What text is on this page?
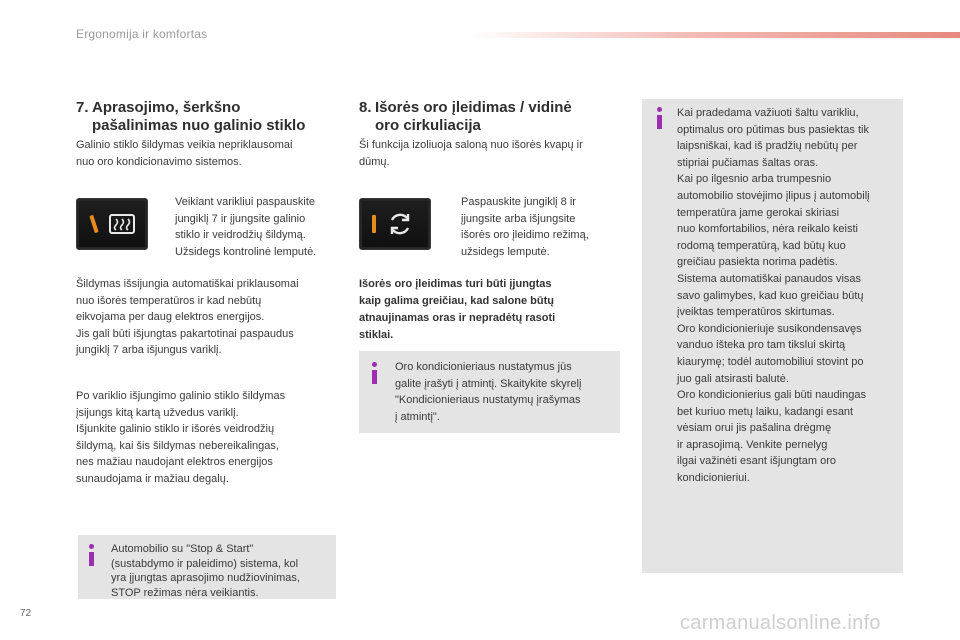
Ergonomija ir komfortas
7. Aprasojimo, šerkšno
pašalinimas nuo galinio stiklo

Galinio stiklo šildymas veikia nepriklausomai

nuo oro kondicionavimo sistemos.

Veikiant varikliui paspauskite
jungiklį 7 ir įjungsite galinio
stiklo ir veidrodžių šildymą.
Užsidegs kontrolinė lemputė.

Šildymas išsijungia automatiškai priklausomai

nuo išorės temperatūros ir kad nebūtų

eikvojama per daug elektros energijos.

Jis gali būti išjungtas pakartotinai paspaudus

jungiklį 7 arba išjungus variklį.

Po variklio išjungimo galinio stiklo šildymas

įsijungs kitą kartą užvedus variklį.

Išjunkite galinio stiklo ir išorės veidrodžių

šildymą, kai šis šildymas nebereikalingas,

nes mažiau naudojant elektros energijos

sunaudojama ir mažiau degalų.

Automobilio su "Stop & Start"
(sustabdymo ir paleidimo) sistema, kol
yra įjungtas aprasojimo nudžiovinimas,
STOP režimas nėra veikiantis.
8. Išorės oro įleidimas / vidinė
oro cirkuliacija

Ši funkcija izoliuoja saloną nuo išorės kvapų ir

dūmų.

Paspauskite jungiklį 8 ir
įjungsite arba išjungsite
išorės oro įleidimo režimą,
užsidegs lemputė.

Išorės oro įleidimas turi būti įjungtas

kaip galima greičiau, kad salone būtų

atnaujinamas oras ir nepradėtų rasoti

stiklai.

Oro kondicionieriaus nustatymus jūs
galite įrašyti į atmintį. Skaitykite skyrelį
"Kondicionieriaus nustatymų įrašymas
į atmintį".
Kai pradedama važiuoti šaltu varikliu,
optimalus oro pūtimas bus pasiektas tik
laipsniškai, kad iš pradžių nebūtų per
stipriai pučiamas šaltas oras.
Kai po ilgesnio arba trumpesnio
automobilio stovėjimo įlipus į automobilį
temperatūra jame gerokai skiriasi
nuo komfortabilios, nėra reikalo keisti
rodomą temperatūrą, kad būtų kuo
greičiau pasiekta norima padėtis.
Sistema automatiškai panaudos visas
savo galimybes, kad kuo greičiau būtų
įveiktas temperatūros skirtumas.
Oro kondicionieriuje susikondensavęs
vanduo išteka pro tam tikslui skirtą
kiaurymę; todėl automobiliui stovint po
juo gali atsirasti balutė.
Oro kondicionierius gali būti naudingas
bet kuriuo metų laiku, kadangi esant
vėsiam orui jis pašalina drėgmę
ir aprasojimą. Venkite pernelyg
ilgai važinėti esant išjungtam oro
kondicionieriui.
72	carmanualsonline.info
